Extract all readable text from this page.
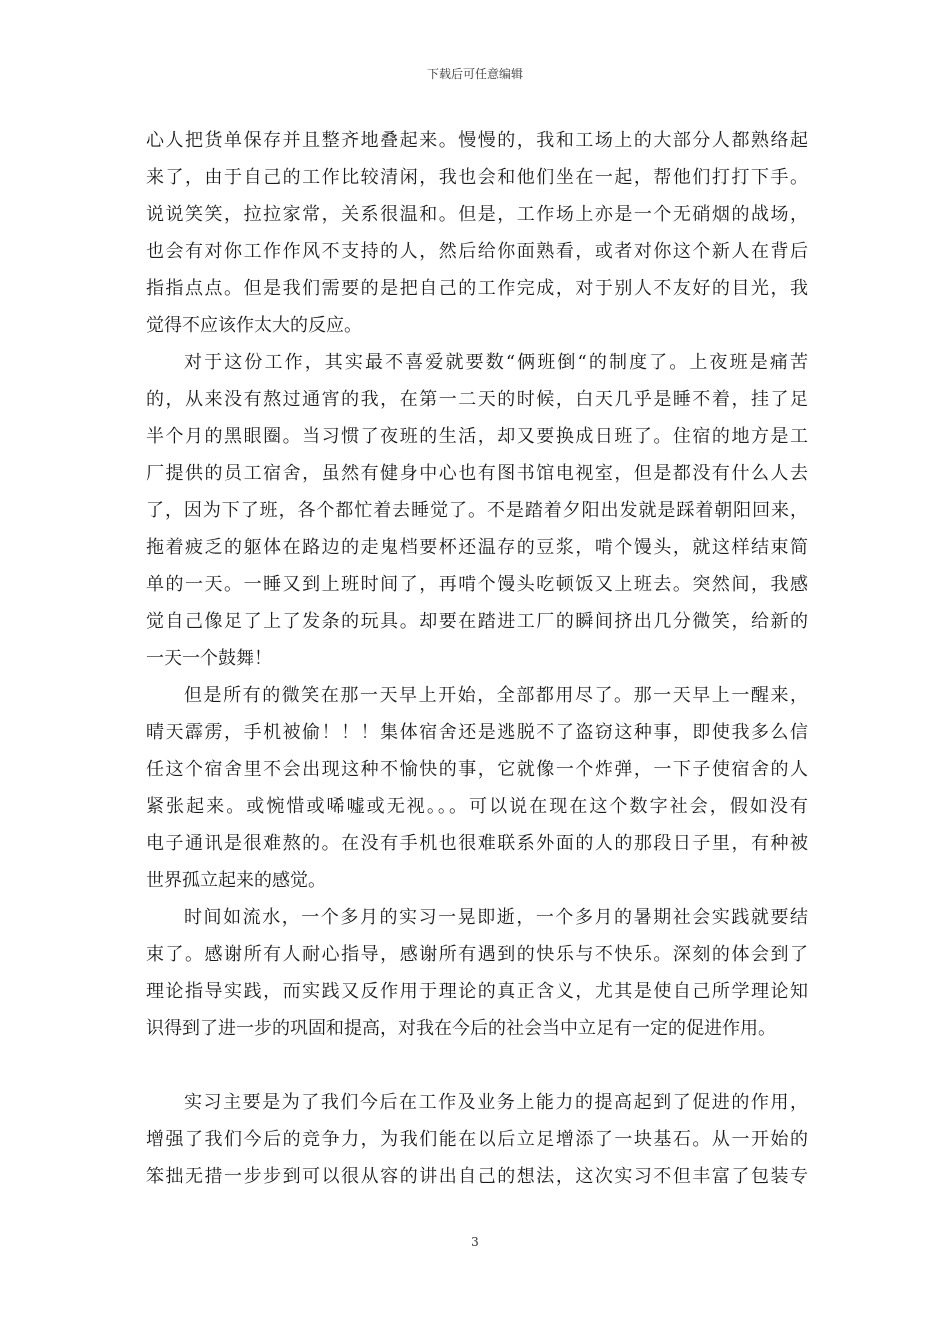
下载后可任意编辑
心人把货单保存并且整齐地叠起来。慢慢的，我和工场上的大部分人都熟络起
来了，由于自己的工作比较清闲，我也会和他们坐在一起，帮他们打打下手。
说说笑笑，拉拉家常，关系很温和。但是，工作场上亦是一个无硝烟的战场，
也会有对你工作作风不支持的人，然后给你面熟看，或者对你这个新人在背后
指指点点。但是我们需要的是把自己的工作完成，对于别人不友好的目光，我
觉得不应该作太大的反应。
对于这份工作，其实最不喜爱就要数“俩班倒“的制度了。上夜班是痛苦
的，从来没有熬过通宵的我，在第一二天的时候，白天几乎是睡不着，挂了足
半个月的黑眼圈。当习惯了夜班的生活，却又要换成日班了。住宿的地方是工
厂提供的员工宿舍，虽然有健身中心也有图书馆电视室，但是都没有什么人去
了，因为下了班，各个都忙着去睡觉了。不是踏着夕阳出发就是踩着朝阳回来，
拖着疲乏的躯体在路边的走鬼档要杯还温存的豆浆，啃个馒头，就这样结束简
单的一天。一睡又到上班时间了，再啃个馒头吃顿饭又上班去。突然间，我感
觉自己像足了上了发条的玩具。却要在踏进工厂的瞬间挤出几分微笑，给新的
一天一个鼓舞！
但是所有的微笑在那一天早上开始，全部都用尽了。那一天早上一醒来，
晴天霹雳，手机被偷！！！集体宿舍还是逃脱不了盗窃这种事，即使我多么信
任这个宿舍里不会出现这种不愉快的事，它就像一个炸弹，一下子使宿舍的人
紧张起来。或惋惜或唏嘘或无视。。。可以说在现在这个数字社会，假如没有
电子通讯是很难熬的。在没有手机也很难联系外面的人的那段日子里，有种被
世界孤立起来的感觉。
时间如流水，一个多月的实习一晃即逝，一个多月的暑期社会实践就要结
束了。感谢所有人耐心指导，感谢所有遇到的快乐与不快乐。深刻的体会到了
理论指导实践，而实践又反作用于理论的真正含义，尤其是使自己所学理论知
识得到了进一步的巩固和提高，对我在今后的社会当中立足有一定的促进作用。
实习主要是为了我们今后在工作及业务上能力的提高起到了促进的作用，
增强了我们今后的竞争力，为我们能在以后立足增添了一块基石。从一开始的
笨拙无措一步步到可以很从容的讲出自己的想法，这次实习不但丰富了包装专
3
